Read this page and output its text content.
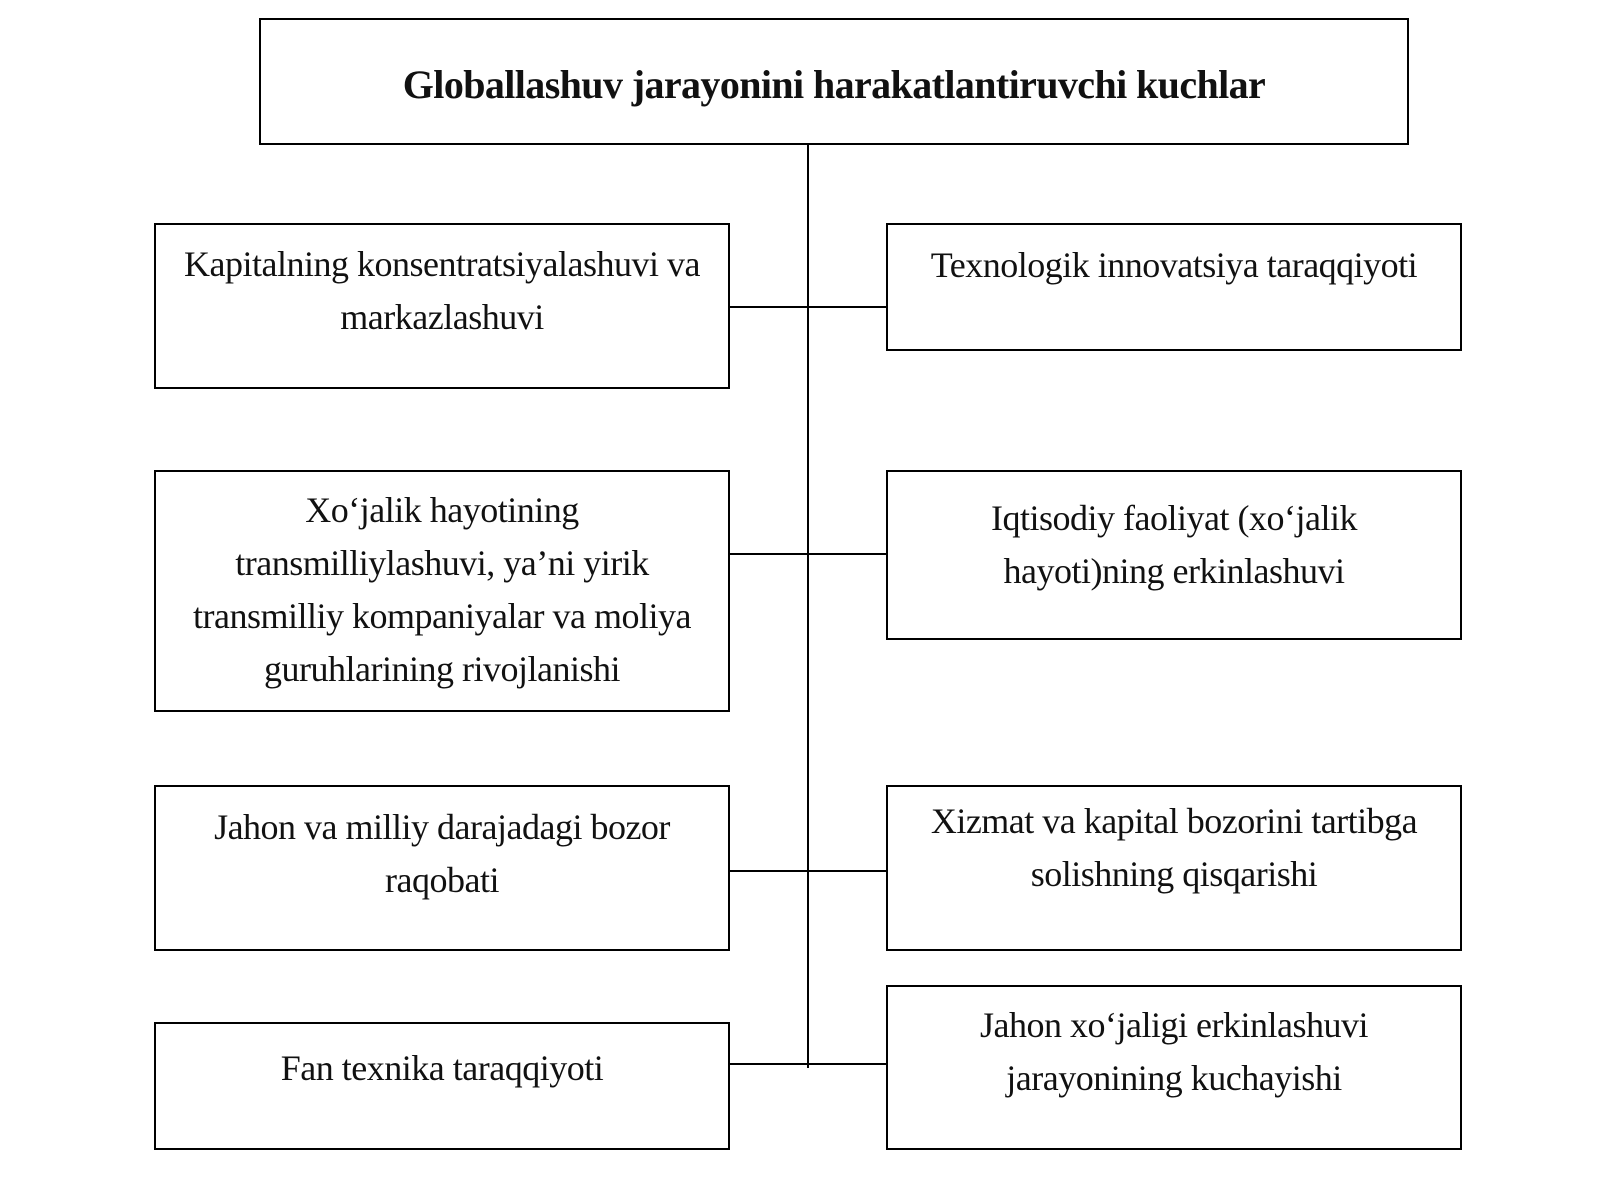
Globallashuv jarayonini harakatlantiruvchi kuchlar
Kapitalning konsentratsiyalashuvi va markazlashuvi
Xo‘jalik hayotining transmilliylashuvi, ya’ni yirik transmilliy kompaniyalar va moliya guruhlarining rivojlanishi
Jahon va milliy darajadagi bozor raqobati
Fan texnika taraqqiyoti
Texnologik innovatsiya taraqqiyoti
Iqtisodiy faoliyat (xo‘jalik hayoti)ning erkinlashuvi
Xizmat va kapital bozorini tartibga solishning qisqarishi
Jahon xo‘jaligi erkinlashuvi jarayonining kuchayishi
